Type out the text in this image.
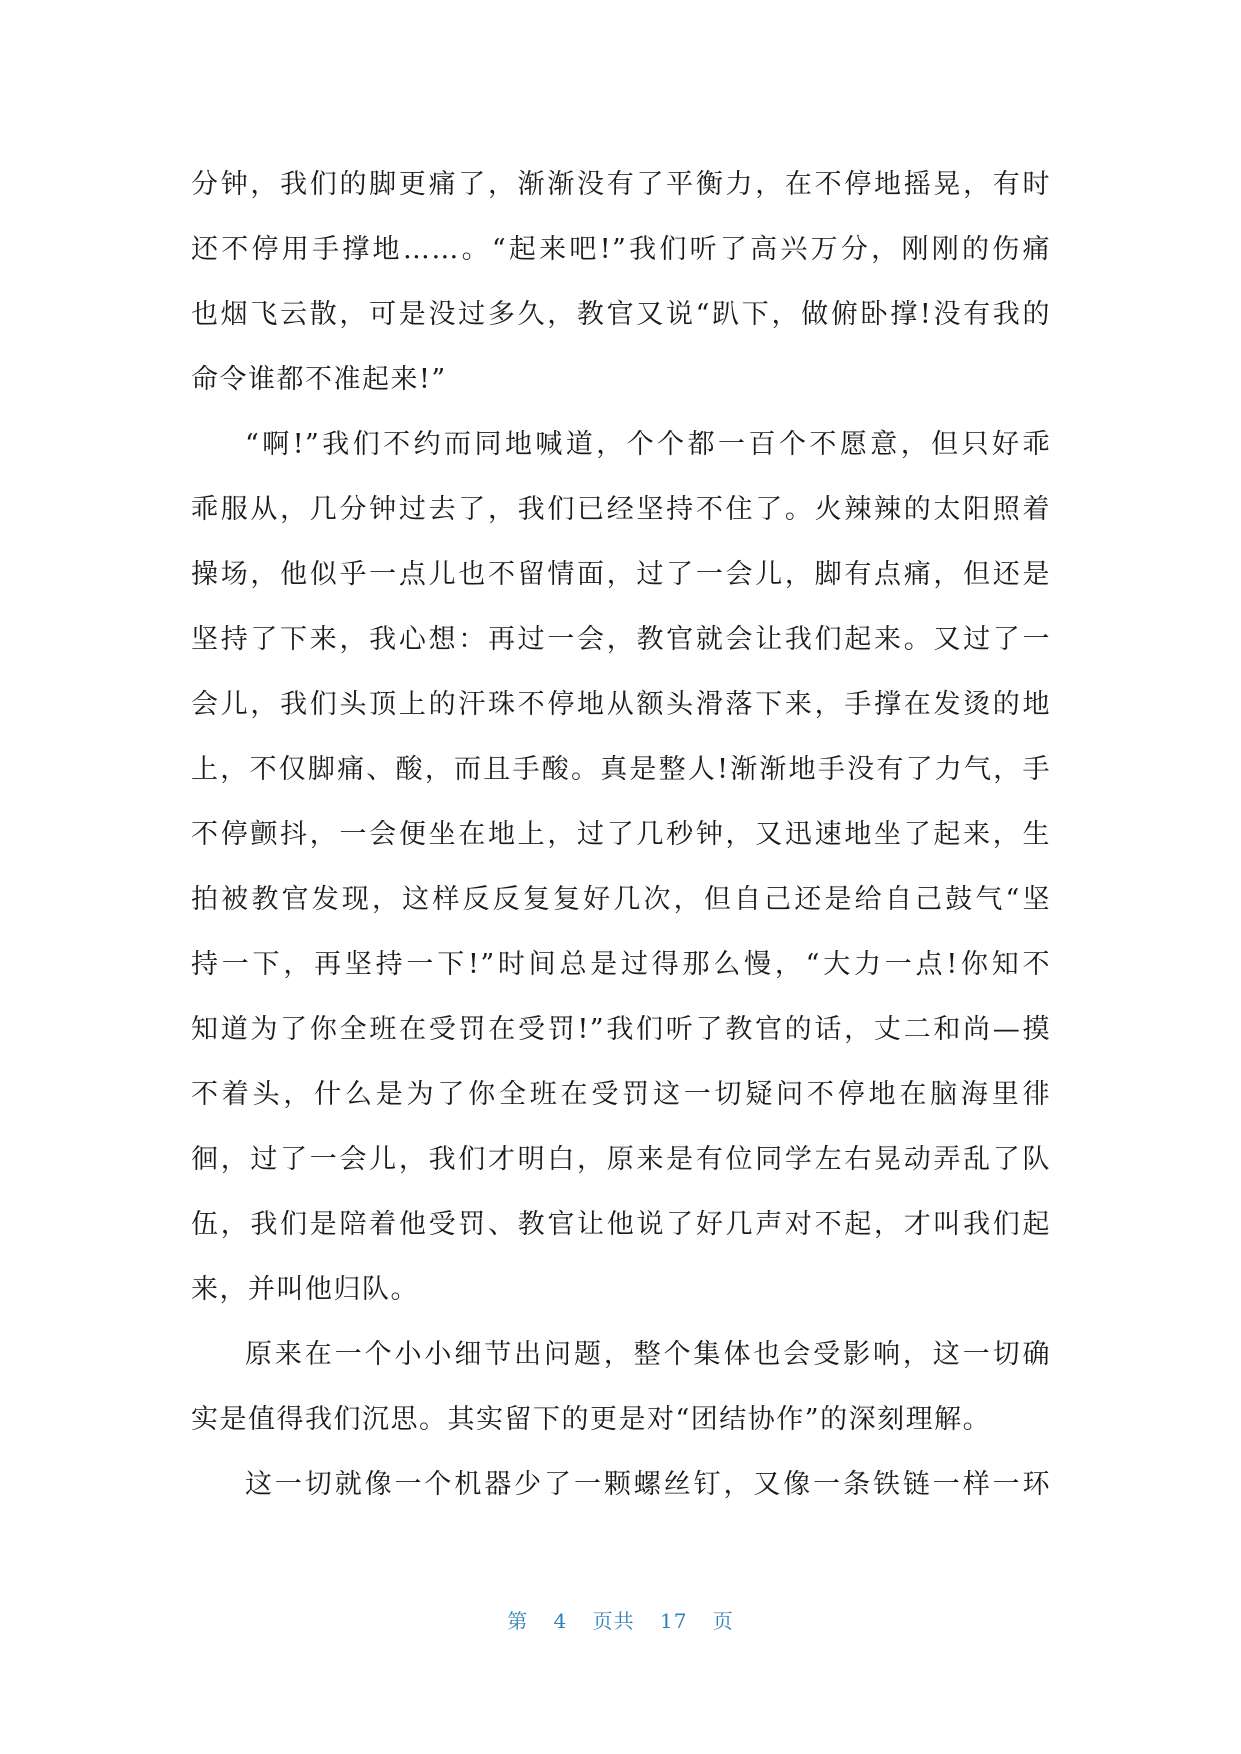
分钟，我们的脚更痛了，渐渐没有了平衡力，在不停地摇晃，有时
还不停用手撑地……。“起来吧!”我们听了高兴万分，刚刚的伤痛
也烟飞云散，可是没过多久，教官又说“趴下，做俯卧撑!没有我的
命令谁都不准起来!”
“啊!”我们不约而同地喊道，个个都一百个不愿意，但只好乖
乖服从，几分钟过去了，我们已经坚持不住了。火辣辣的太阳照着
操场，他似乎一点儿也不留情面，过了一会儿，脚有点痛，但还是
坚持了下来，我心想：再过一会，教官就会让我们起来。又过了一
会儿，我们头顶上的汗珠不停地从额头滑落下来，手撑在发烫的地
上，不仅脚痛、酸，而且手酸。真是整人!渐渐地手没有了力气，手
不停颤抖，一会便坐在地上，过了几秒钟，又迅速地坐了起来，生
拍被教官发现，这样反反复复好几次，但自己还是给自己鼓气“坚
持一下，再坚持一下!”时间总是过得那么慢，“大力一点!你知不
知道为了你全班在受罚在受罚!”我们听了教官的话，丈二和尚—摸
不着头，什么是为了你全班在受罚这一切疑问不停地在脑海里徘
徊，过了一会儿，我们才明白，原来是有位同学左右晃动弄乱了队
伍，我们是陪着他受罚、教官让他说了好几声对不起，才叫我们起
来，并叫他归队。
原来在一个小小细节出问题，整个集体也会受影响，这一切确
实是值得我们沉思。其实留下的更是对“团结协作”的深刻理解。
这一切就像一个机器少了一颗螺丝钉，又像一条铁链一样一环
第 4 页共 17 页
